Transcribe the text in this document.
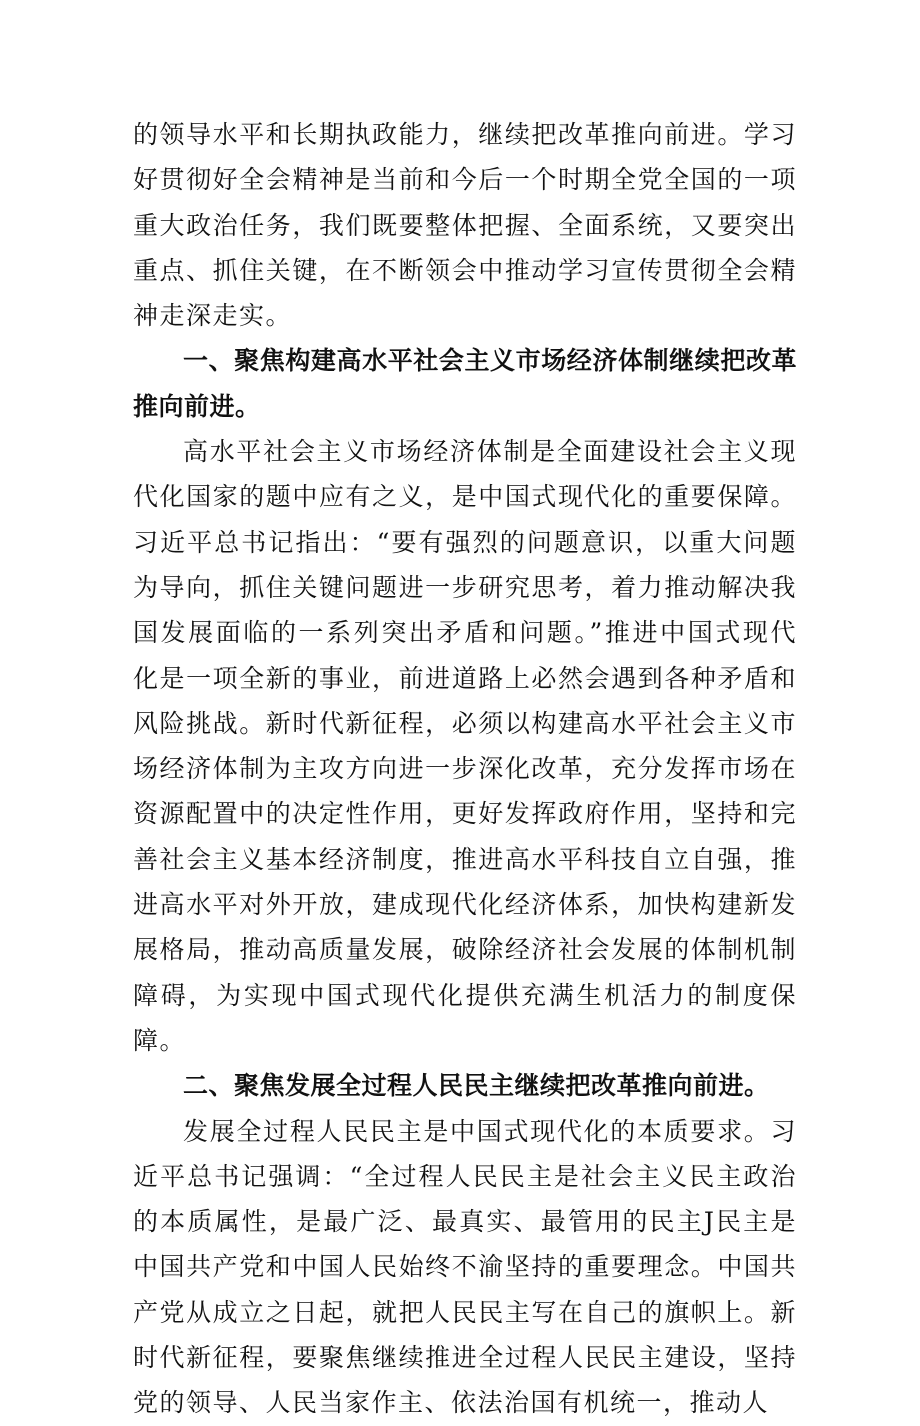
的领导水平和长期执政能力，继续把改革推向前进。学习好贯彻好全会精神是当前和今后一个时期全党全国的一项重大政治任务，我们既要整体把握、全面系统，又要突出重点、抓住关键，在不断领会中推动学习宣传贯彻全会精神走深走实。

一、聚焦构建高水平社会主义市场经济体制继续把改革推向前进。

高水平社会主义市场经济体制是全面建设社会主义现代化国家的题中应有之义，是中国式现代化的重要保障。习近平总书记指出：“要有强烈的问题意识，以重大问题为导向，抓住关键问题进一步研究思考，着力推动解决我国发展面临的一系列突出矛盾和问题。”推进中国式现代化是一项全新的事业，前进道路上必然会遇到各种矛盾和风险挑战。新时代新征程，必须以构建高水平社会主义市场经济体制为主攻方向进一步深化改革，充分发挥市场在资源配置中的决定性作用，更好发挥政府作用，坚持和完善社会主义基本经济制度，推进高水平科技自立自强，推进高水平对外开放，建成现代化经济体系，加快构建新发展格局，推动高质量发展，破除经济社会发展的体制机制障碍，为实现中国式现代化提供充满生机活力的制度保障。

二、聚焦发展全过程人民民主继续把改革推向前进。

发展全过程人民民主是中国式现代化的本质要求。习近平总书记强调：“全过程人民民主是社会主义民主政治的本质属性，是最广泛、最真实、最管用的民主J民主是中国共产党和中国人民始终不渝坚持的重要理念。中国共产党从成立之日起，就把人民民主写在自己的旗帜上。新时代新征程，要聚焦继续推进全过程人民民主建设，坚持党的领导、人民当家作主、依法治国有机统一，推动人
